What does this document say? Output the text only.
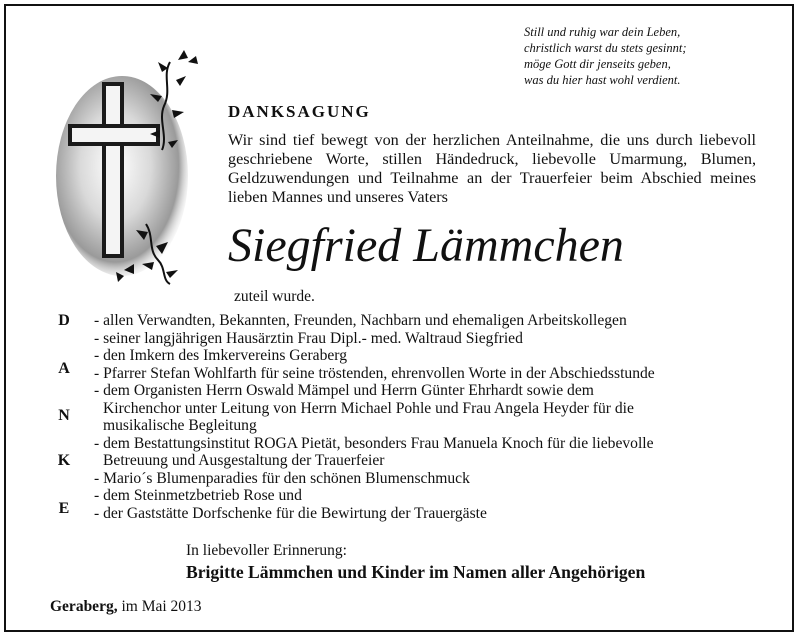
Still und ruhig war dein Leben,
christlich warst du stets gesinnt;
möge Gott dir jenseits geben,
was du hier hast wohl verdient.
DANKSAGUNG
Wir sind tief bewegt von der herzlichen Anteilnahme, die uns durch liebevoll geschriebene Worte, stillen Händedruck, liebevolle Umarmung, Blumen, Geldzuwendungen und Teilnahme an der Trauerfeier beim Abschied meines lieben Mannes und unseres Vaters
Siegfried Lämmchen
zuteil wurde.
D
A
N
K
E
- allen Verwandten, Bekannten, Freunden, Nachbarn und ehemaligen Arbeitskollegen
- seiner langjährigen Hausärztin Frau Dipl.- med. Waltraud Siegfried
- den Imkern des Imkervereins Geraberg
- Pfarrer Stefan Wohlfarth für seine tröstenden, ehrenvollen Worte in der Abschiedsstunde
- dem Organisten Herrn Oswald Mämpel und Herrn Günter Ehrhardt sowie dem
Kirchenchor unter Leitung von Herrn Michael Pohle und Frau Angela Heyder für die
musikalische Begleitung
- dem Bestattungsinstitut ROGA Pietät, besonders Frau Manuela Knoch für die liebevolle
Betreuung und Ausgestaltung der Trauerfeier
- Mario´s Blumenparadies für den schönen Blumenschmuck
- dem Steinmetzbetrieb Rose und
- der Gaststätte Dorfschenke für die Bewirtung der Trauergäste
In liebevoller Erinnerung:
Brigitte Lämmchen und Kinder im Namen aller Angehörigen
Geraberg, im Mai 2013
